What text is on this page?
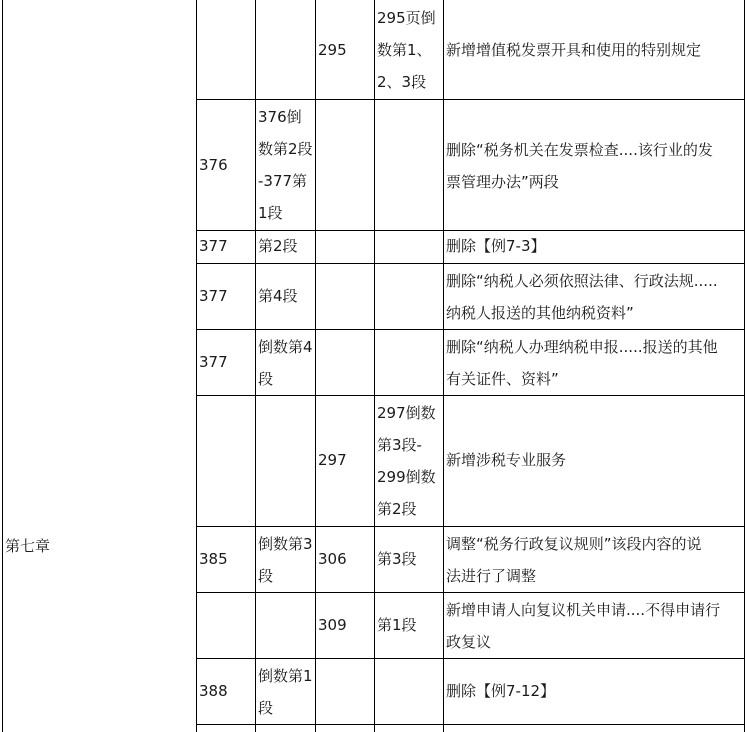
第七章
295
295页倒
数第1、
2、3段
新增增值税发票开具和使用的特别规定
376
376倒
数第2段
-377第
1段
删除“税务机关在发票检查....该行业的发
票管理办法”两段
377 第2段	删除【例7-3】
377 第4段
删除“纳税人必须依照法律、行政法规.....
纳税人报送的其他纳税资料”
377
倒数第4
段
删除“纳税人办理纳税申报.....报送的其他
有关证件、资料”
297
297倒数
第3段-
299倒数
第2段
新增涉税专业服务
385
倒数第3
段
306 第3段
调整“税务行政复议规则”该段内容的说
法进行了调整
309 第1段
新增申请人向复议机关申请....不得申请行
政复议
388
倒数第1
段
删除【例7-12】
